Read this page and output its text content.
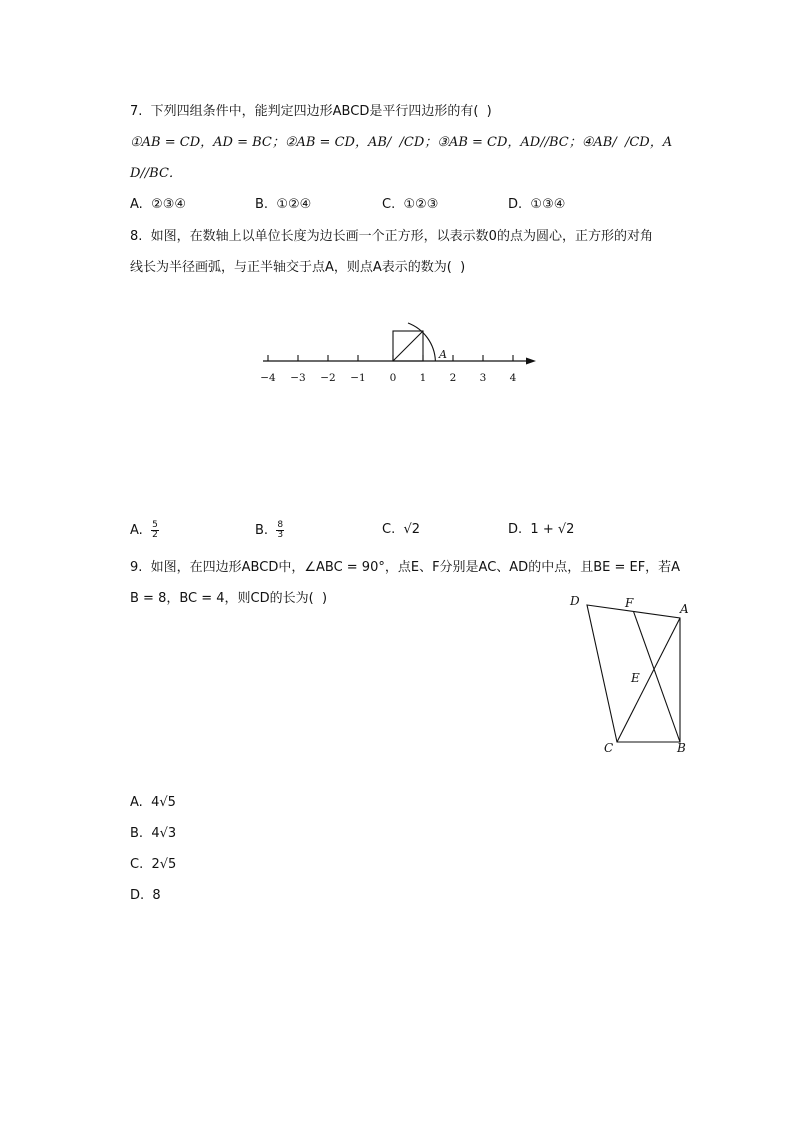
7.  下列四组条件中，能判定四边形ABCD是平行四边形的有(  )
①AB = CD，AD = BC；②AB = CD，AB/  /CD；③AB = CD，AD//BC；④AB/  /CD，A
D//BC．
A. ②③④	B. ①②④	C. ①②③	D. ①③④
8.  如图，在数轴上以单位长度为边长画一个正方形，以表示数0的点为圆心，正方形的对角
线长为半径画弧，与正半轴交于点A，则点A表示的数为(  )
−4 −3 −2 −1 0 1 2 3 4
A
A. $\frac{5}{2}$	B. $\frac{8}{3}$	C. √2	D. 1 + √2
9.  如图，在四边形ABCD中，∠ABC = 90°，点E、F分别是AC、AD的中点，且BE = EF，若A
B = 8，BC = 4，则CD的长为(  )	D	F	A
E
C	B
A. 4√5
B. 4√3
C. 2√5
D. 8
